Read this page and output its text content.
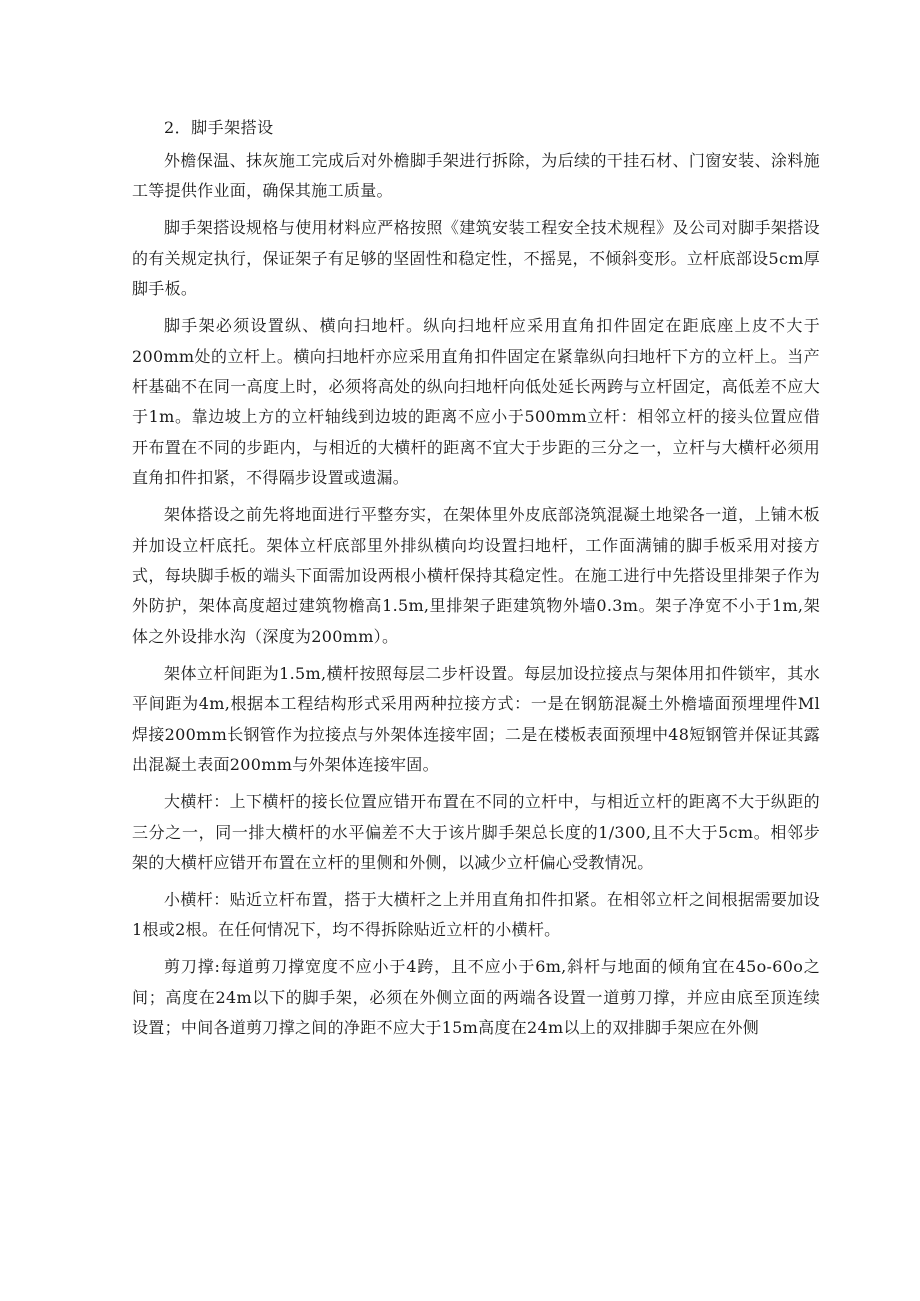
2．脚手架搭设

外檐保温、抹灰施工完成后对外檐脚手架进行拆除，为后续的干挂石材、门窗安装、涂料施工等提供作业面，确保其施工质量。

脚手架搭设规格与使用材料应严格按照《建筑安装工程安全技术规程》及公司对脚手架搭设的有关规定执行，保证架子有足够的坚固性和稳定性，不摇晃，不倾斜变形。立杆底部设5cm厚脚手板。

脚手架必须设置纵、横向扫地杆。纵向扫地杆应采用直角扣件固定在距底座上皮不大于200mm处的立杆上。横向扫地杆亦应采用直角扣件固定在紧靠纵向扫地杆下方的立杆上。当产杆基础不在同一高度上时，必须将高处的纵向扫地杆向低处延长两跨与立杆固定，高低差不应大于1m。靠边坡上方的立杆轴线到边坡的距离不应小于500mm立杆：相邻立杆的接头位置应借开布置在不同的步距内，与相近的大横杆的距离不宜大于步距的三分之一，立杆与大横杆必须用直角扣件扣紧，不得隔步设置或遗漏。

架体搭设之前先将地面进行平整夯实，在架体里外皮底部浇筑混凝土地梁各一道，上铺木板并加设立杆底托。架体立杆底部里外排纵横向均设置扫地杆，工作面满铺的脚手板采用对接方式，每块脚手板的端头下面需加设两根小横杆保持其稳定性。在施工进行中先搭设里排架子作为外防护，架体高度超过建筑物檐高1.5m,里排架子距建筑物外墙0.3m。架子净宽不小于1m,架体之外设排水沟（深度为200mm）。

架体立杆间距为1.5m,横杆按照每层二步杆设置。每层加设拉接点与架体用扣件锁牢，其水平间距为4m,根据本工程结构形式采用两种拉接方式：一是在钢筋混凝土外檐墙面预埋埋件Ml焊接200mm长钢管作为拉接点与外架体连接牢固；二是在楼板表面预埋中48短钢管并保证其露出混凝土表面200mm与外架体连接牢固。

大横杆：上下横杆的接长位置应错开布置在不同的立杆中，与相近立杆的距离不大于纵距的三分之一，同一排大横杆的水平偏差不大于该片脚手架总长度的1/300,且不大于5cm。相邻步架的大横杆应错开布置在立杆的里侧和外侧，以减少立杆偏心受教情况。

小横杆：贴近立杆布置，搭于大横杆之上并用直角扣件扣紧。在相邻立杆之间根据需要加设1根或2根。在任何情况下，均不得拆除贴近立杆的小横杆。

剪刀撑:每道剪刀撑宽度不应小于4跨，且不应小于6m,斜杆与地面的倾角宜在45o-60o之间；高度在24m以下的脚手架，必须在外侧立面的两端各设置一道剪刀撑，并应由底至顶连续设置；中间各道剪刀撑之间的净距不应大于15m高度在24m以上的双排脚手架应在外侧
